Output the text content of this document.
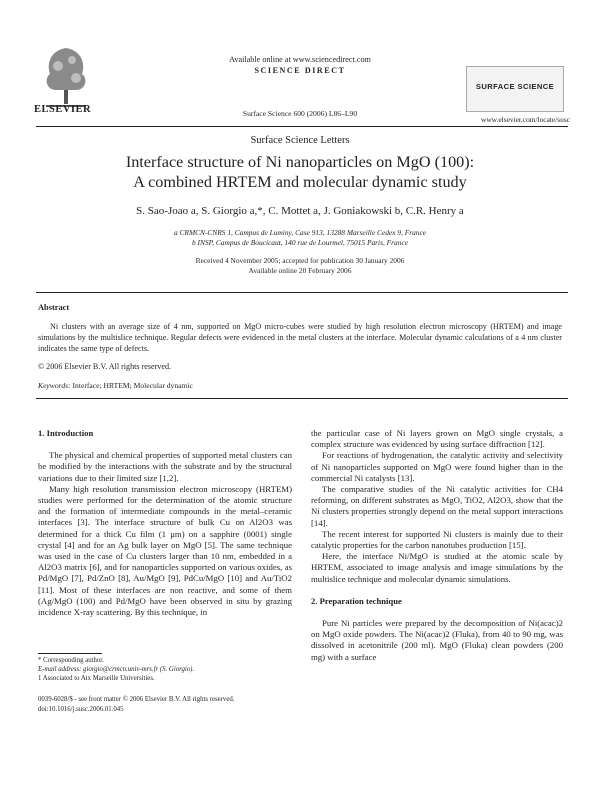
ELSEVIER
Available online at www.sciencedirect.com
SCIENCE DIRECT
Surface Science 600 (2006) L86–L90
SURFACE SCIENCE
www.elsevier.com/locate/susc
Surface Science Letters
Interface structure of Ni nanoparticles on MgO (100):
A combined HRTEM and molecular dynamic study
S. Sao-Joao a, S. Giorgio a,*, C. Mottet a, J. Goniakowski b, C.R. Henry a
a CRMCN-CNRS 1, Campus de Luminy, Case 913, 13288 Marseille Cedex 9, France
b INSP, Campus de Boucicaut, 140 rue de Lourmel, 75015 Paris, France
Received 4 November 2005; accepted for publication 30 January 2006
Available online 20 February 2006
Abstract
Ni clusters with an average size of 4 nm, supported on MgO micro-cubes were studied by high resolution electron microscopy (HRTEM) and image simulations by the multislice technique. Regular defects were evidenced in the metal clusters at the interface. Molecular dynamic calculations of a 4 nm cluster indicates the same type of defects.
© 2006 Elsevier B.V. All rights reserved.
Keywords: Interface; HRTEM; Molecular dynamic
1. Introduction

The physical and chemical properties of supported metal clusters can be modified by the interactions with the substrate and by the structural variations due to their limited size [1,2].

Many high resolution transmission electron microscopy (HRTEM) studies were performed for the determination of the atomic structure and the formation of intermediate compounds in the metal–ceramic interfaces [3]. The interface structure of bulk Cu on Al2O3 was determined for a thick Cu film (1 μm) on a sapphire (0001) single crystal [4] and for an Ag bulk layer on MgO [5]. The same technique was used in the case of Cu clusters larger than 10 nm, embedded in a Al2O3 matrix [6], and for nanoparticles supported on various oxides, as Pd/MgO [7], Pd/ZnO [8], Au/MgO [9], PdCu/MgO [10] and Au/TiO2 [11]. Most of these interfaces are non reactive, and some of them (Ag/MgO (100) and Pd/MgO have been observed in situ by grazing incidence X-ray scattering. By this technique, in

the particular case of Ni layers grown on MgO single crystals, a complex structure was evidenced by using surface diffraction [12].

For reactions of hydrogenation, the catalytic activity and selectivity of Ni nanoparticles supported on MgO were found higher than in the commercial Ni catalysts [13].

The comparative studies of the Ni catalytic activities for CH4 reforming, on different substrates as MgO, TiO2, Al2O3, show that the Ni clusters properties strongly depend on the metal support interactions [14].

The recent interest for supported Ni clusters is mainly due to their catalytic properties for the carbon nanotubes production [15].

Here, the interface Ni/MgO is studied at the atomic scale by HRTEM, associated to image analysis and image simulations by the multislice technique and molecular dynamic simulations.

2. Preparation technique

Pure Ni particles were prepared by the decomposition of Ni(acac)2 on MgO oxide powders. The Ni(acac)2 (Fluka), from 40 to 90 mg, was dissolved in acetonitrile (200 ml). MgO (Fluka) clean powders (200 mg) with a surface

* Corresponding author.
E-mail address: giorgio@crmcn.univ-mrs.fr (S. Giorgio).
1 Associated to Aix Marseille Universities.
0039-6028/$ - see front matter © 2006 Elsevier B.V. All rights reserved.
doi:10.1016/j.susc.2006.01.045
